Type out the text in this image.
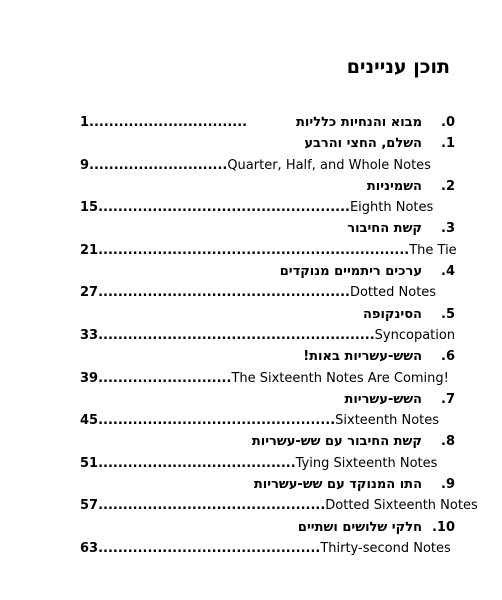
תוכן עניינים
.0
מבוא והנחיות כלליות
1 ................................
.1
השלם, החצי והרבע
9 ............................ Quarter, Half, and Whole Notes
.2
השמיניות
15 ................................................... Eighth Notes
.3
קשת החיבור
21 ............................................................... The Tie
.4
ערכים ריתמיים מנוקדים
27 ................................................... Dotted Notes
.5
הסינקופה
33 ........................................................ Syncopation
.6
השש-עשריות באות!
39 ........................... The Sixteenth Notes Are Coming!
.7
השש-עשריות
45 ................................................ Sixteenth Notes
.8
קשת החיבור עם שש-עשריות
51 ........................................ Tying Sixteenth Notes
.9
התו המנוקד עם שש-עשריות
57 .............................................. Dotted Sixteenth Notes
.10
חלקי שלושים ושתיים
63 ............................................. Thirty-second Notes
